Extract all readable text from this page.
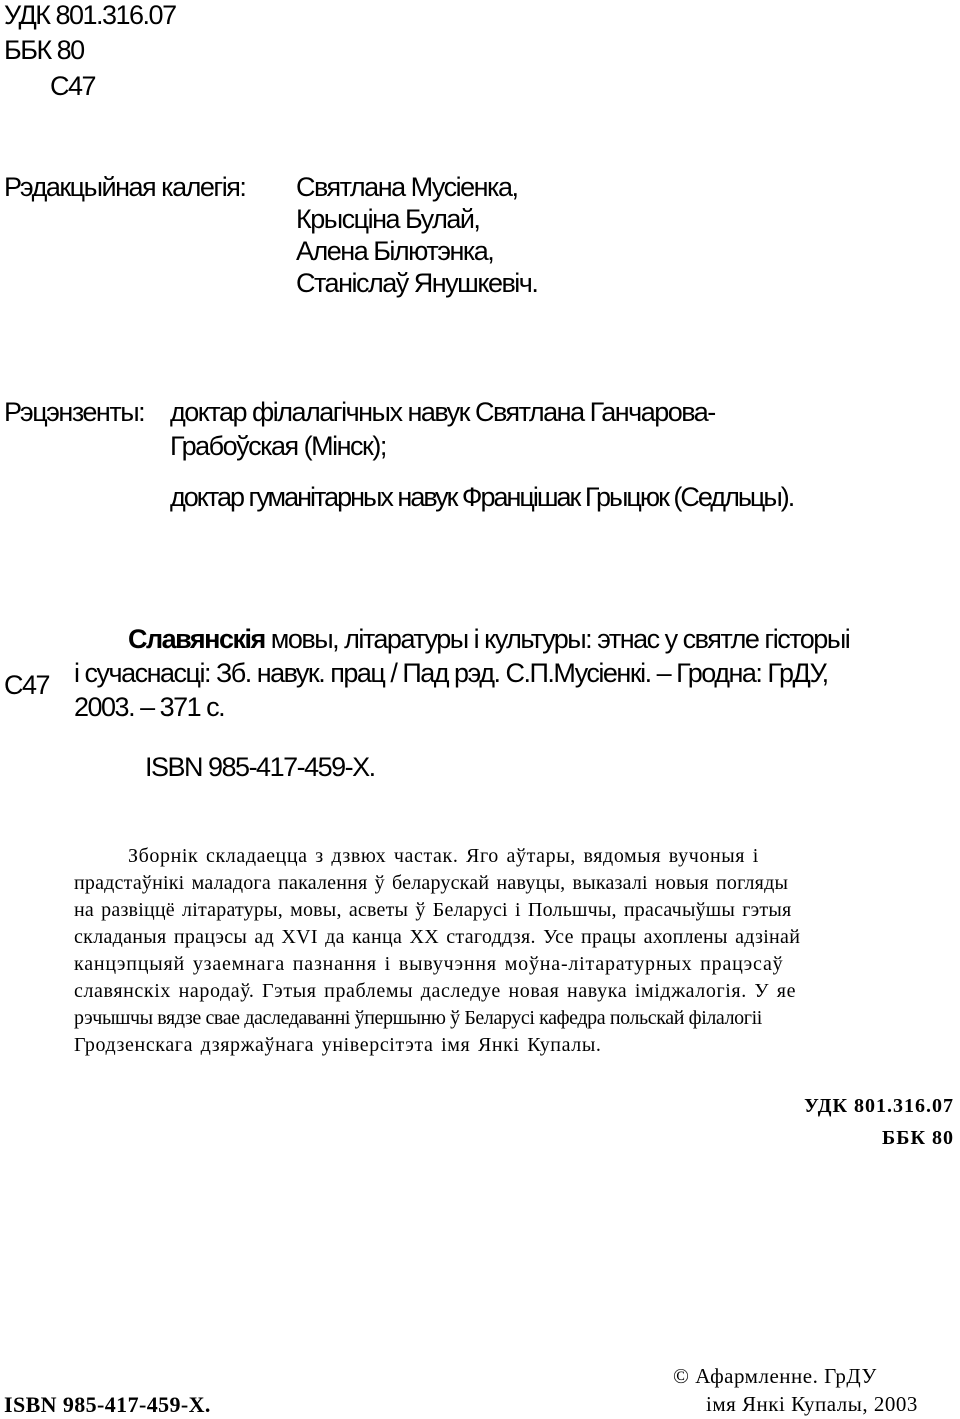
УДК 801.316.07
ББК 80
С47
Рэдакцыйная калегія: Святлана Мусіенка,
Крысціна Булай,
Алена Білютэнка,
Станіслаў Янушкевіч.
Рэцэнзенты: доктар філалагічных навук Святлана Ганчарова-
Грабоўская (Мінск);
доктар гуманітарных навук Францішак Грыцюк (Седльцы).
С47
Славянскія мовы, літаратуры і культуры: этнас у святле гісторыі
і сучаснасці: Зб. навук. прац / Пад рэд. С.П.Мусіенкі. – Гродна: ГрДУ,
2003. – 371 с.
ISBN 985-417-459-Х.
Зборнік складаецца з дзвюх частак. Яго аўтары, вядомыя вучоныя і
прадстаўнікі маладога пакалення ў беларускай навуцы, выказалі новыя погляды
на развіццё літаратуры, мовы, асветы ў Беларусі і Польшчы, прасачыўшы гэтыя
складаныя працэсы ад XVI да канца XX стагоддзя. Усе працы ахоплены адзінай
канцэпцыяй узаемнага пазнання і вывучэння моўна-літаратурных працэсаў
славянскіх народаў. Гэтыя праблемы даследуе новая навука іміджалогія. У яе
рэчышчы вядзе свае даследаванні ўпершыню ў Беларусі кафедра польскай філалогіі
Гродзенскага дзяржаўнага універсітэта імя Янкі Купалы.
УДК 801.316.07
ББК 80
ISBN 985-417-459-Х.
© Афармленне. ГрДУ
імя Янкі Купалы, 2003
